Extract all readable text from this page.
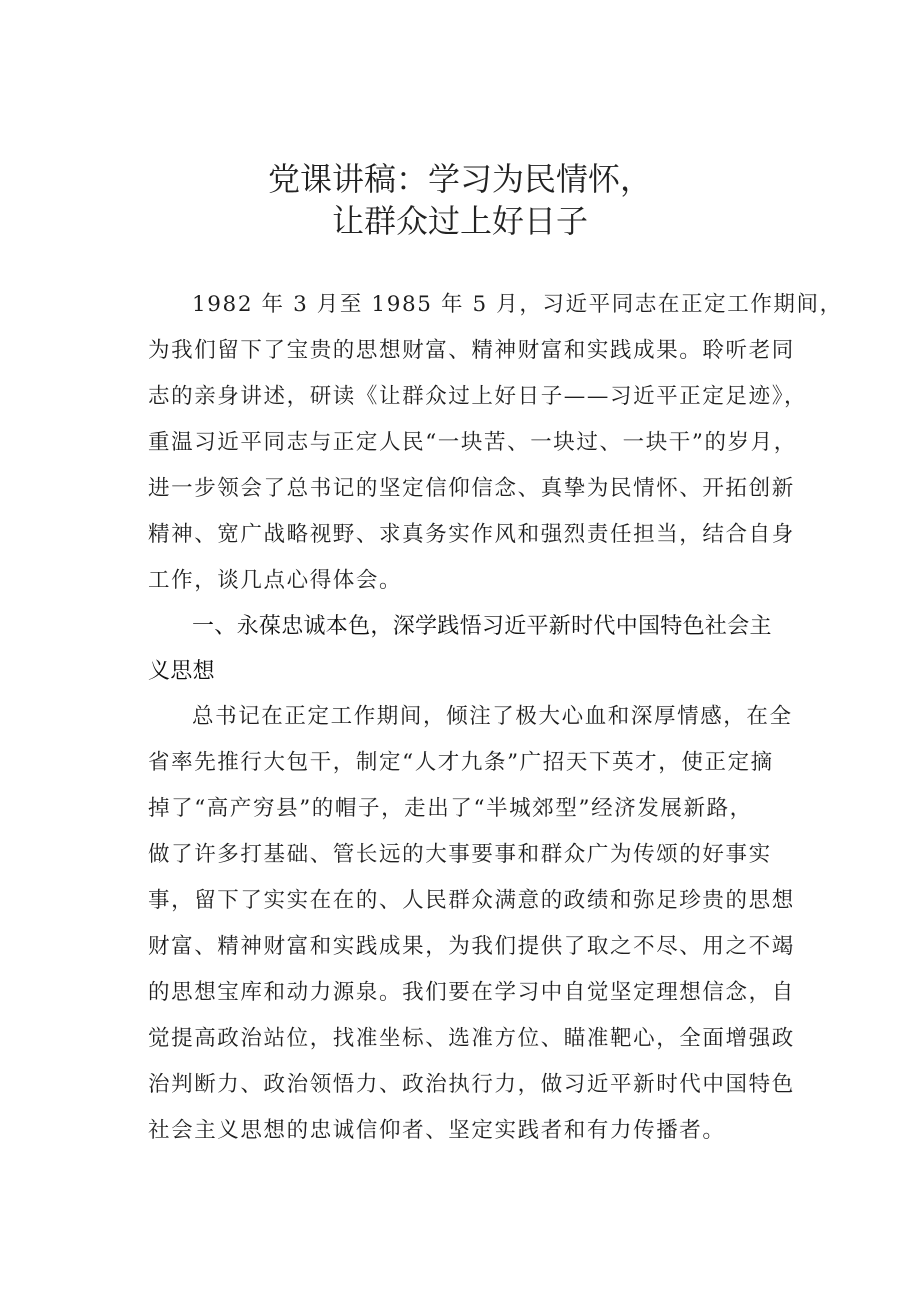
党课讲稿：学习为民情怀，
让群众过上好日子

1982 年 3 月至 1985 年 5 月，习近平同志在正定工作期间，

为我们留下了宝贵的思想财富、精神财富和实践成果。聆听老同

志的亲身讲述，研读《让群众过上好日子——习近平正定足迹》，

重温习近平同志与正定人民“一块苦、一块过、一块干”的岁月，

进一步领会了总书记的坚定信仰信念、真挚为民情怀、开拓创新

精神、宽广战略视野、求真务实作风和强烈责任担当，结合自身

工作，谈几点心得体会。

一、永葆忠诚本色，深学践悟习近平新时代中国特色社会主

义思想

总书记在正定工作期间，倾注了极大心血和深厚情感，在全

省率先推行大包干，制定“人才九条”广招天下英才，使正定摘

掉了“高产穷县”的帽子，走出了“半城郊型”经济发展新路，

做了许多打基础、管长远的大事要事和群众广为传颂的好事实

事，留下了实实在在的、人民群众满意的政绩和弥足珍贵的思想

财富、精神财富和实践成果，为我们提供了取之不尽、用之不竭

的思想宝库和动力源泉。我们要在学习中自觉坚定理想信念，自

觉提高政治站位，找准坐标、选准方位、瞄准靶心，全面增强政

治判断力、政治领悟力、政治执行力，做习近平新时代中国特色

社会主义思想的忠诚信仰者、坚定实践者和有力传播者。
